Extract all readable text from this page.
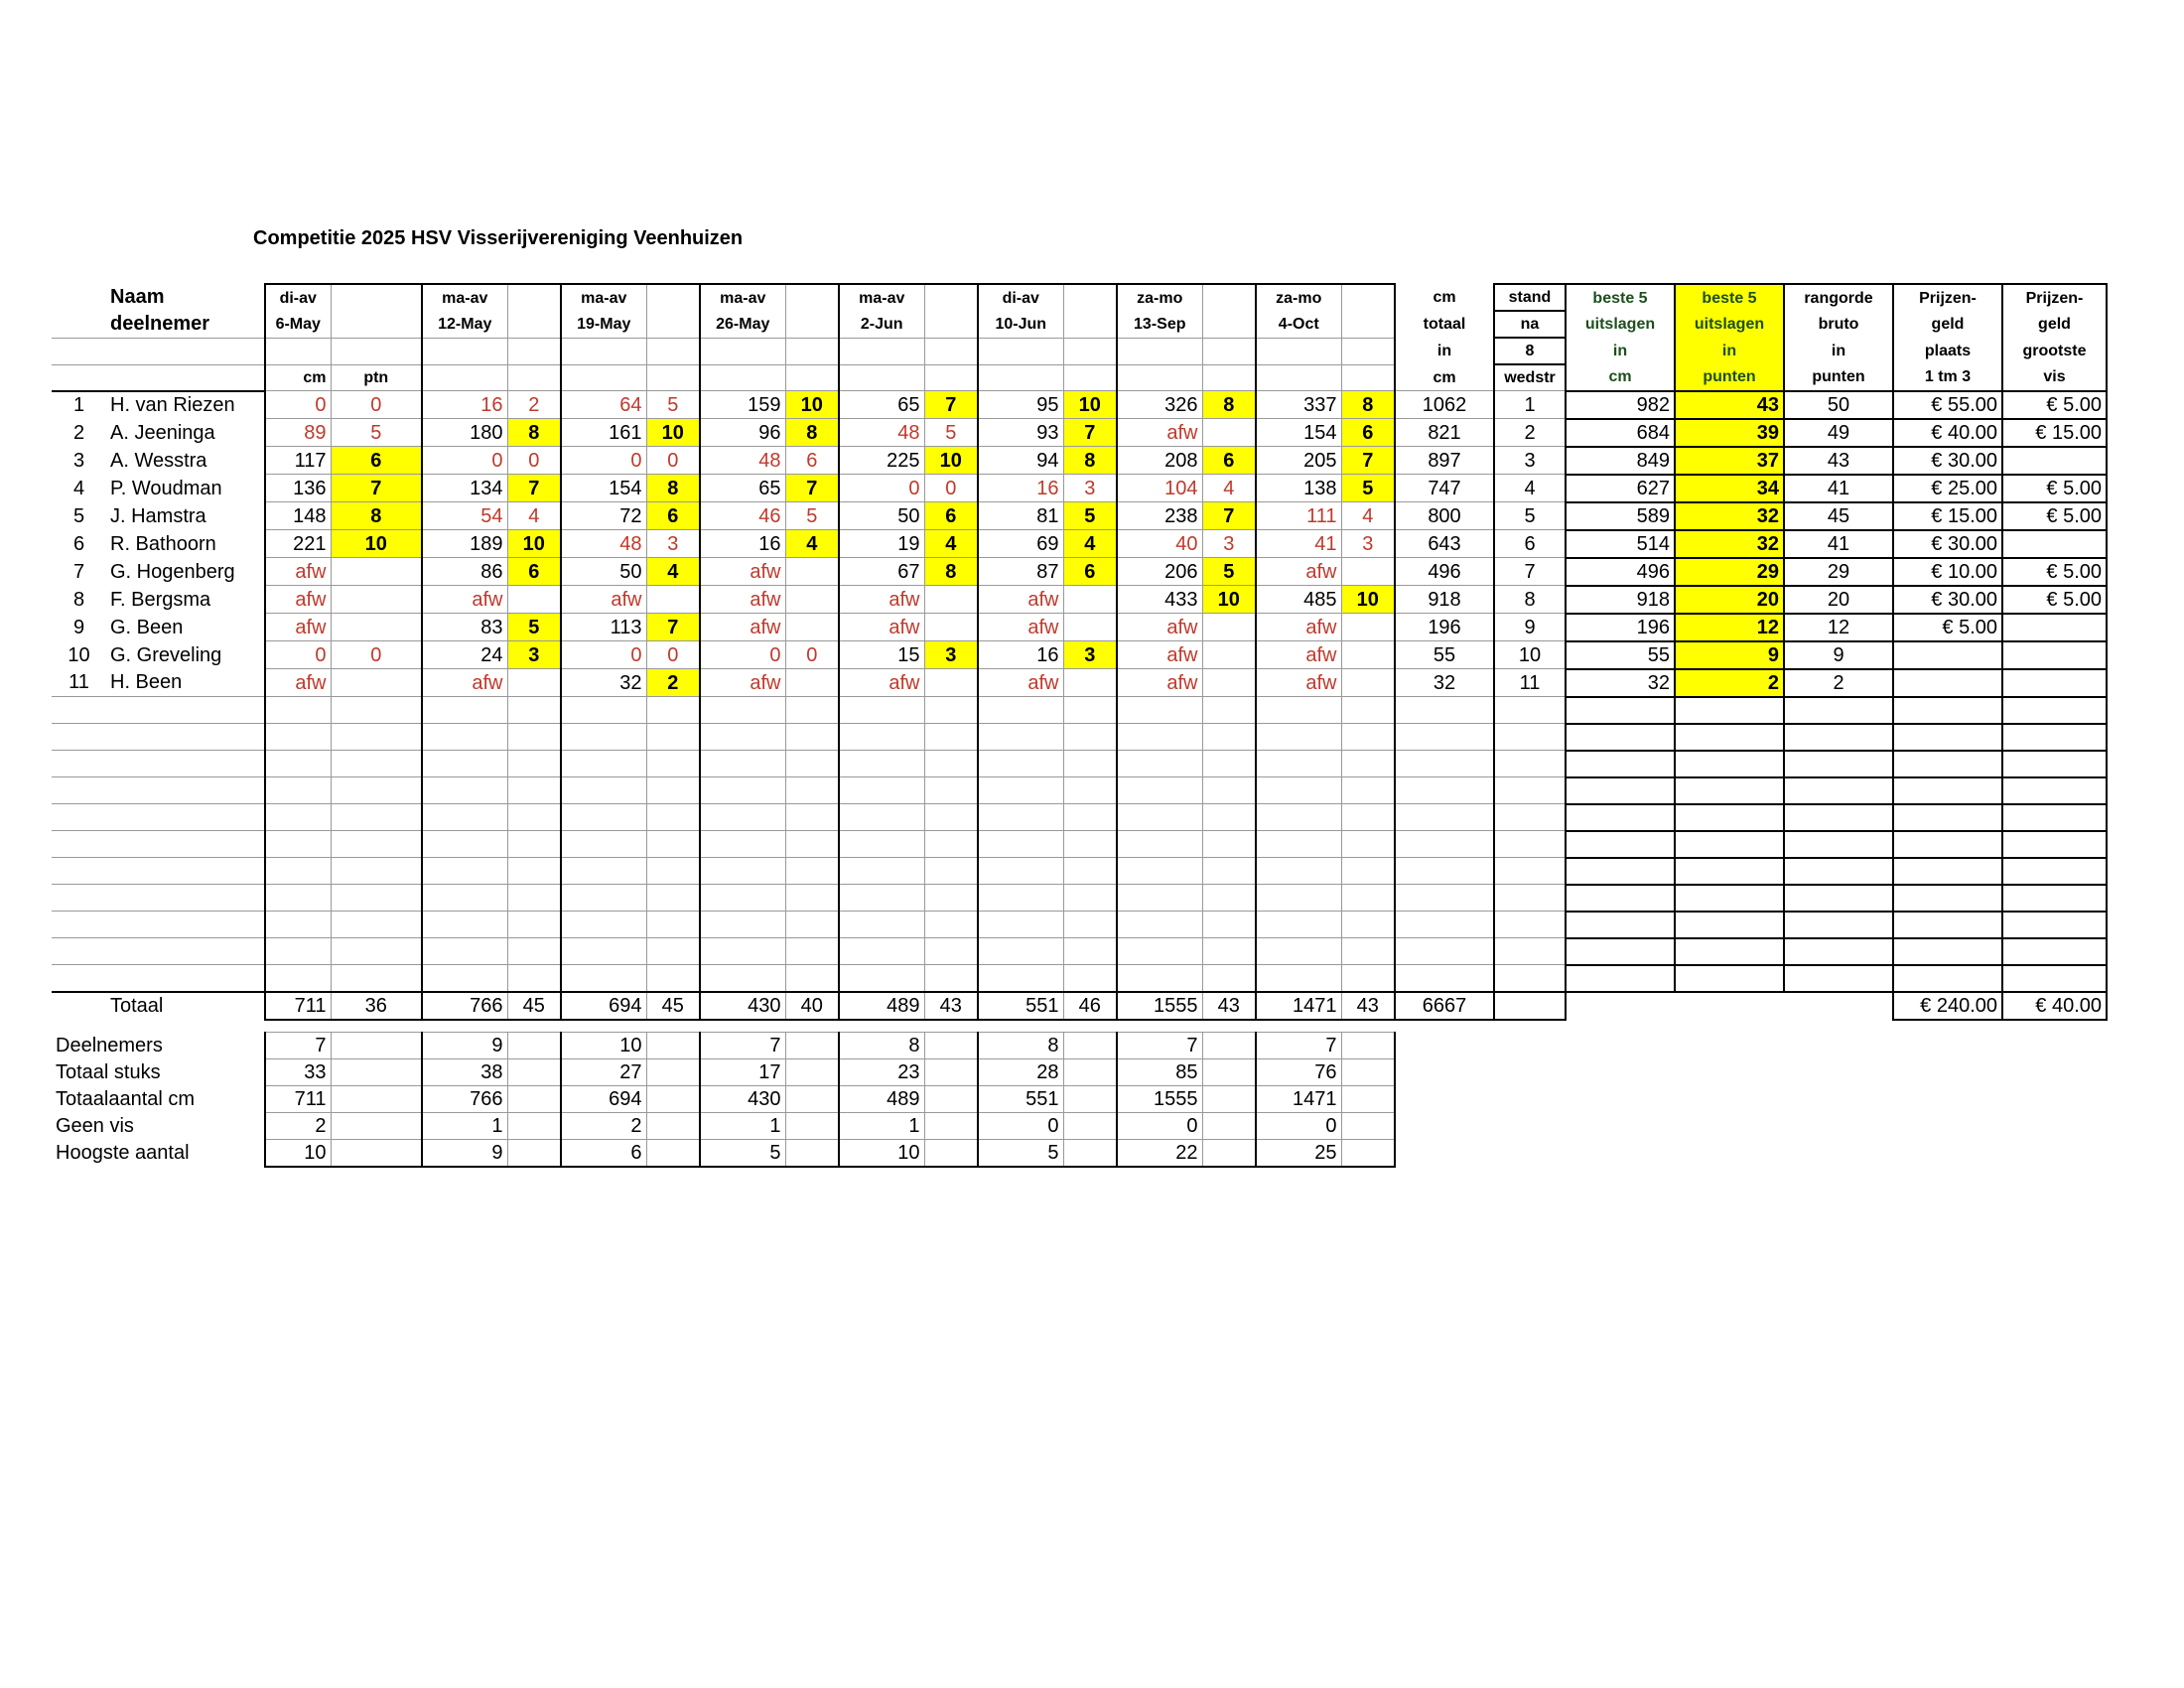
Competitie 2025 HSV Visserijvereniging Veenhuizen
	Naam	di-av		ma-av		ma-av		ma-av		ma-av		di-av		za-mo		za-mo		cm	stand	beste 5	beste 5	rangorde	Prijzen-	Prijzen-
	deelnemer	6-May		12-May		19-May		26-May		2-Jun		10-Jun		13-Sep		4-Oct		totaal	na	uitslagen	uitslagen	bruto	geld	geld
																		in	8	in	in	in	plaats	grootste
		cm	ptn															cm	wedstr	cm	punten	punten	1 tm 3	vis
1	H. van Riezen	0	0	16	2	64	5	159	10	65	7	95	10	326	8	337	8	1062	1	982	43	50	€ 55.00	€ 5.00
2	A. Jeeninga	89	5	180	8	161	10	96	8	48	5	93	7	afw		154	6	821	2	684	39	49	€ 40.00	€ 15.00
3	A. Wesstra	117	6	0	0	0	0	48	6	225	10	94	8	208	6	205	7	897	3	849	37	43	€ 30.00	
4	P. Woudman	136	7	134	7	154	8	65	7	0	0	16	3	104	4	138	5	747	4	627	34	41	€ 25.00	€ 5.00
5	J. Hamstra	148	8	54	4	72	6	46	5	50	6	81	5	238	7	111	4	800	5	589	32	45	€ 15.00	€ 5.00
6	R. Bathoorn	221	10	189	10	48	3	16	4	19	4	69	4	40	3	41	3	643	6	514	32	41	€ 30.00	
7	G. Hogenberg	afw		86	6	50	4	afw		67	8	87	6	206	5	afw		496	7	496	29	29	€ 10.00	€ 5.00
8	F. Bergsma	afw		afw		afw		afw		afw		afw		433	10	485	10	918	8	918	20	20	€ 30.00	€ 5.00
9	G. Been	afw		83	5	113	7	afw		afw		afw		afw		afw		196	9	196	12	12	€ 5.00	
10	G. Greveling	0	0	24	3	0	0	0	0	15	3	16	3	afw		afw		55	10	55	9	9		
11	H. Been	afw		afw		32	2	afw		afw		afw		afw		afw		32	11	32	2	2		

	Totaal	711	36	766	45	694	45	430	40	489	43	551	46	1555	43	1471	43	6667					€ 240.00	€ 40.00
Deelnemers	7		9		10		7		8		8		7		7	
Totaal stuks	33		38		27		17		23		28		85		76	
Totaalaantal cm	711		766		694		430		489		551		1555		1471	
Geen vis	2		1		2		1		1		0		0		0	
Hoogste aantal	10		9		6		5		10		5		22		25	
